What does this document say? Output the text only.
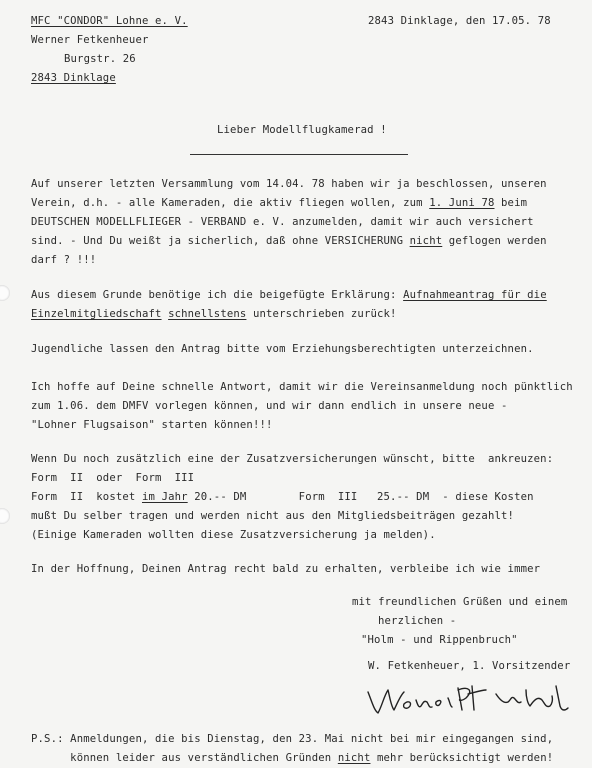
MFC "CONDOR" Lohne e. V.	2843 Dinklage, den 17.05. 78
Werner Fetkenheuer
Burgstr. 26
2843 Dinklage
Lieber Modellflugkamerad !
Auf unserer letzten Versammlung vom 14.04. 78 haben wir ja beschlossen, unseren
Verein, d.h. - alle Kameraden, die aktiv fliegen wollen, zum 1. Juni 78 beim
DEUTSCHEN MODELLFLIEGER - VERBAND e. V. anzumelden, damit wir auch versichert
sind. - Und Du weißt ja sicherlich, daß ohne VERSICHERUNG nicht geflogen werden
darf ? !!!
Aus diesem Grunde benötige ich die beigefügte Erklärung: Aufnahmeantrag für die
Einzelmitgliedschaft schnellstens unterschrieben zurück!
Jugendliche lassen den Antrag bitte vom Erziehungsberechtigten unterzeichnen.
Ich hoffe auf Deine schnelle Antwort, damit wir die Vereinsanmeldung noch pünktlich
zum 1.06. dem DMFV vorlegen können, und wir dann endlich in unsere neue -
"Lohner Flugsaison" starten können!!!
Wenn Du noch zusätzlich eine der Zusatzversicherungen wünscht, bitte  ankreuzen:
Form  II  oder  Form  III
Form  II  kostet im Jahr 20.-- DM        Form  III   25.-- DM  - diese Kosten
mußt Du selber tragen und werden nicht aus den Mitgliedsbeiträgen gezahlt!
(Einige Kameraden wollten diese Zusatzversicherung ja melden).
In der Hoffnung, Deinen Antrag recht bald zu erhalten, verbleibe ich wie immer
mit freundlichen Grüßen und einem
herzlichen -
"Holm - und Rippenbruch"
W. Fetkenheuer, 1. Vorsitzender
P.S.: Anmeldungen, die bis Dienstag, den 23. Mai nicht bei mir eingegangen sind,
können leider aus verständlichen Gründen nicht mehr berücksichtigt werden!
